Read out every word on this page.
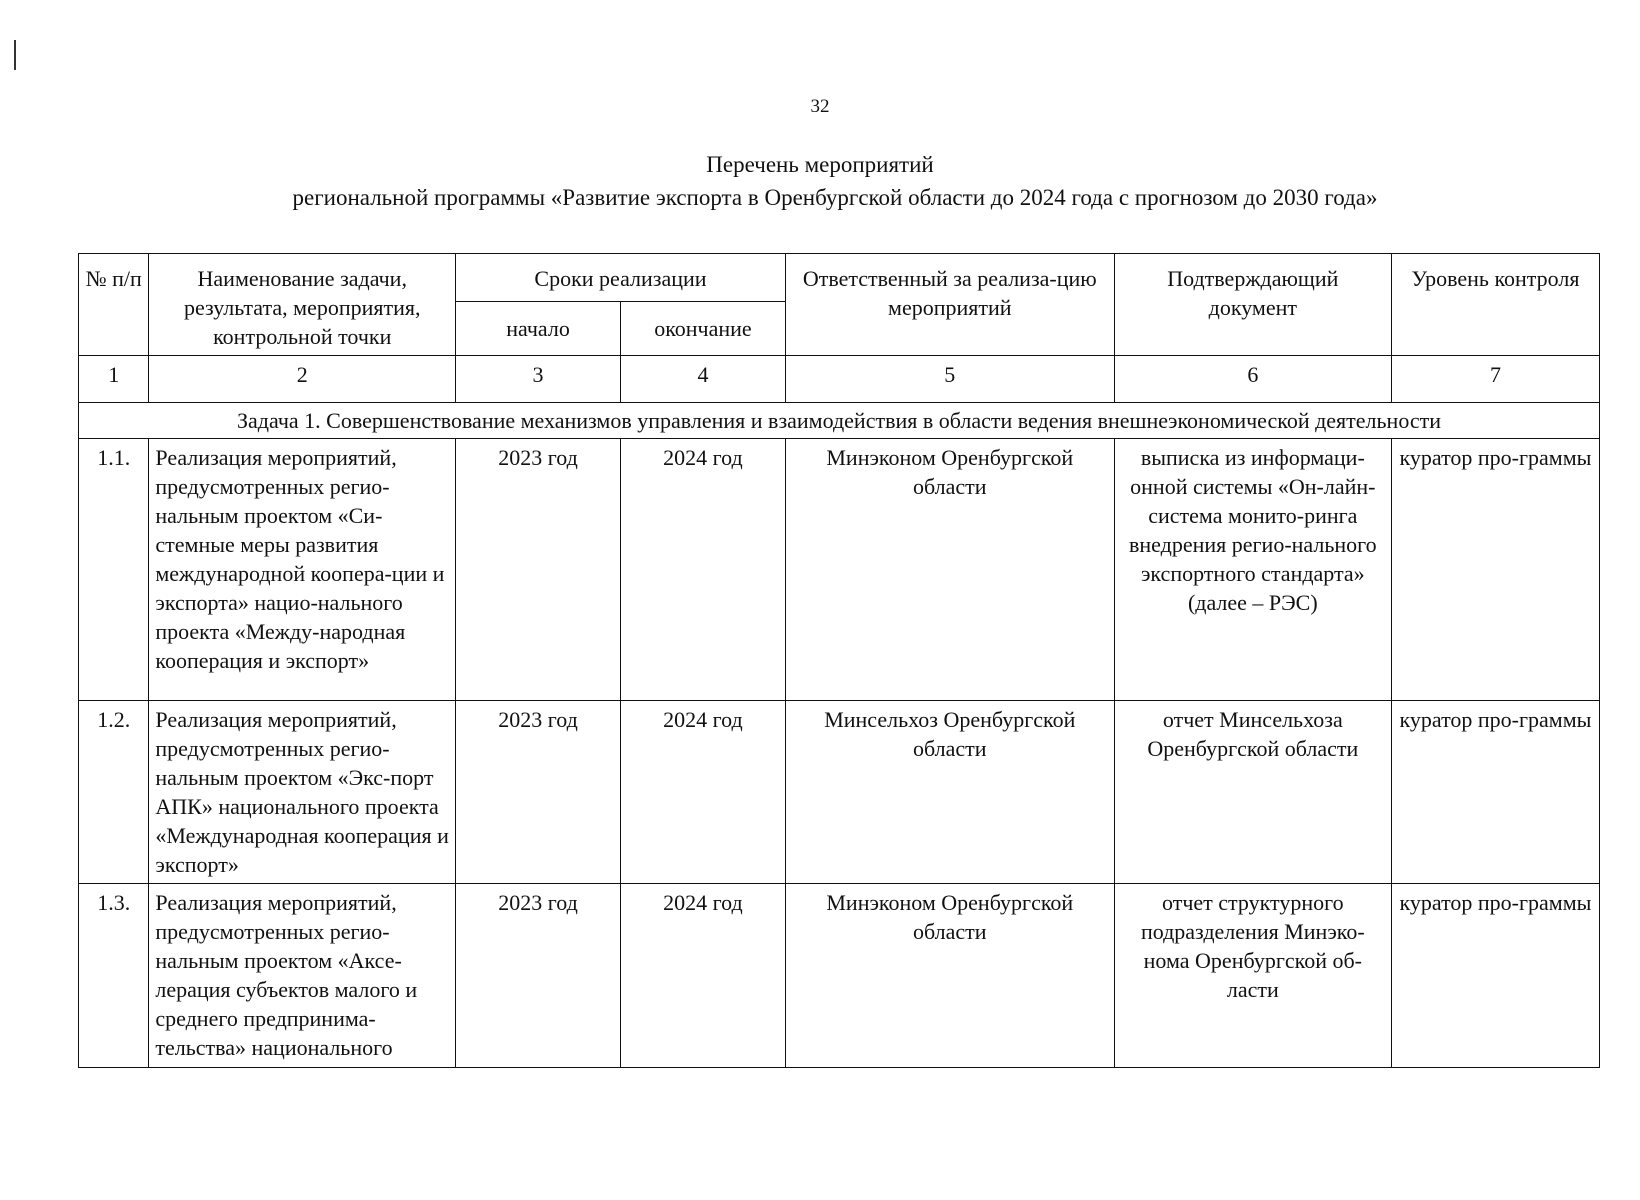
32
Перечень мероприятий
региональной программы «Развитие экспорта в Оренбургской области до 2024 года с прогнозом до 2030 года»
№ п/п	Наименование задачи, результата, мероприятия, контрольной точки	Сроки реализации		Ответственный за реализа-цию мероприятий	Подтверждающий документ	Уровень контроля
		начало	окончание			
1	2	3	4	5	6	7
Задача 1. Совершенствование механизмов управления и взаимодействия в области ведения внешнеэкономической деятельности						
1.1.	Реализация мероприятий, предусмотренных регио-нальным проектом «Си-стемные меры развития международной коопера-ции и экспорта» нацио-нального проекта «Между-народная кооперация и экспорт»	2023 год	2024 год	Минэконом Оренбургской области	выписка из информаци-онной системы «Он-лайн-система монито-ринга внедрения регио-нального экспортного стандарта» (далее – РЭС)	куратор про-граммы
1.2.	Реализация мероприятий, предусмотренных регио-нальным проектом «Экс-порт АПК» национального проекта «Международная кооперация и экспорт»	2023 год	2024 год	Минсельхоз Оренбургской области	отчет Минсельхоза Оренбургской области	куратор про-граммы
1.3.	Реализация мероприятий, предусмотренных регио-нальным проектом «Аксе-лерация субъектов малого и среднего предпринима-тельства» национального	2023 год	2024 год	Минэконом Оренбургской области	отчет структурного подразделения Минэко-нома Оренбургской об-ласти	куратор про-граммы
